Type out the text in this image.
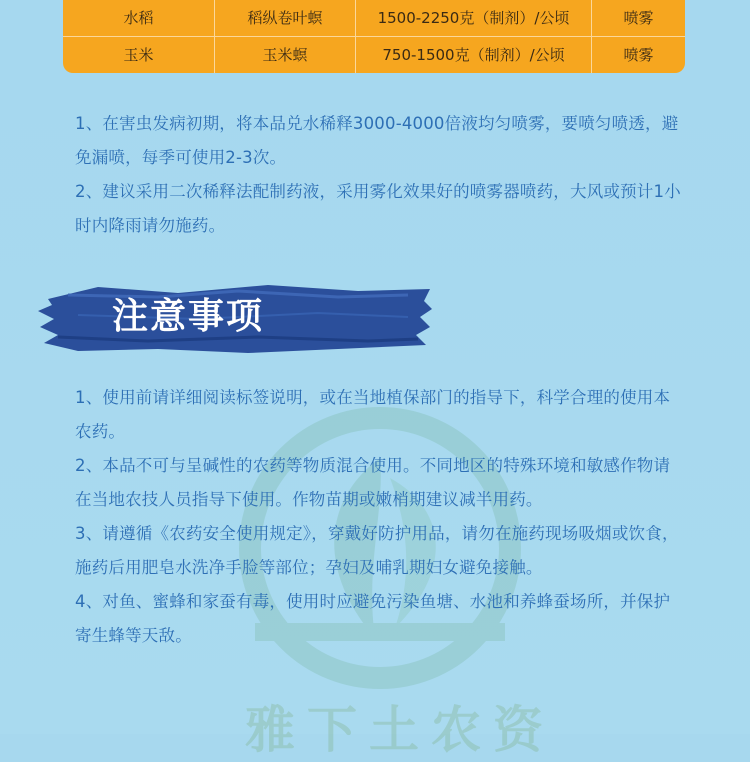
水稻	稻纵卷叶螟	1500-2250克（制剂）/公顷	喷雾
玉米	玉米螟	750-1500克（制剂）/公顷	喷雾

1、在害虫发病初期，将本品兑水稀释3000-4000倍液均匀喷雾，要喷匀喷透，避免漏喷，每季可使用2-3次。

2、建议采用二次稀释法配制药液，采用雾化效果好的喷雾器喷药，大风或预计1小时内降雨请勿施药。

雅下土农资
注意事项

1、使用前请详细阅读标签说明，或在当地植保部门的指导下，科学合理的使用本农药。

2、本品不可与呈碱性的农药等物质混合使用。不同地区的特殊环境和敏感作物请在当地农技人员指导下使用。作物苗期或嫩梢期建议减半用药。

3、请遵循《农药安全使用规定》，穿戴好防护用品，请勿在施药现场吸烟或饮食，施药后用肥皂水洗净手脸等部位；孕妇及哺乳期妇女避免接触。

4、对鱼、蜜蜂和家蚕有毒，使用时应避免污染鱼塘、水池和养蜂蚕场所，并保护寄生蜂等天敌。
